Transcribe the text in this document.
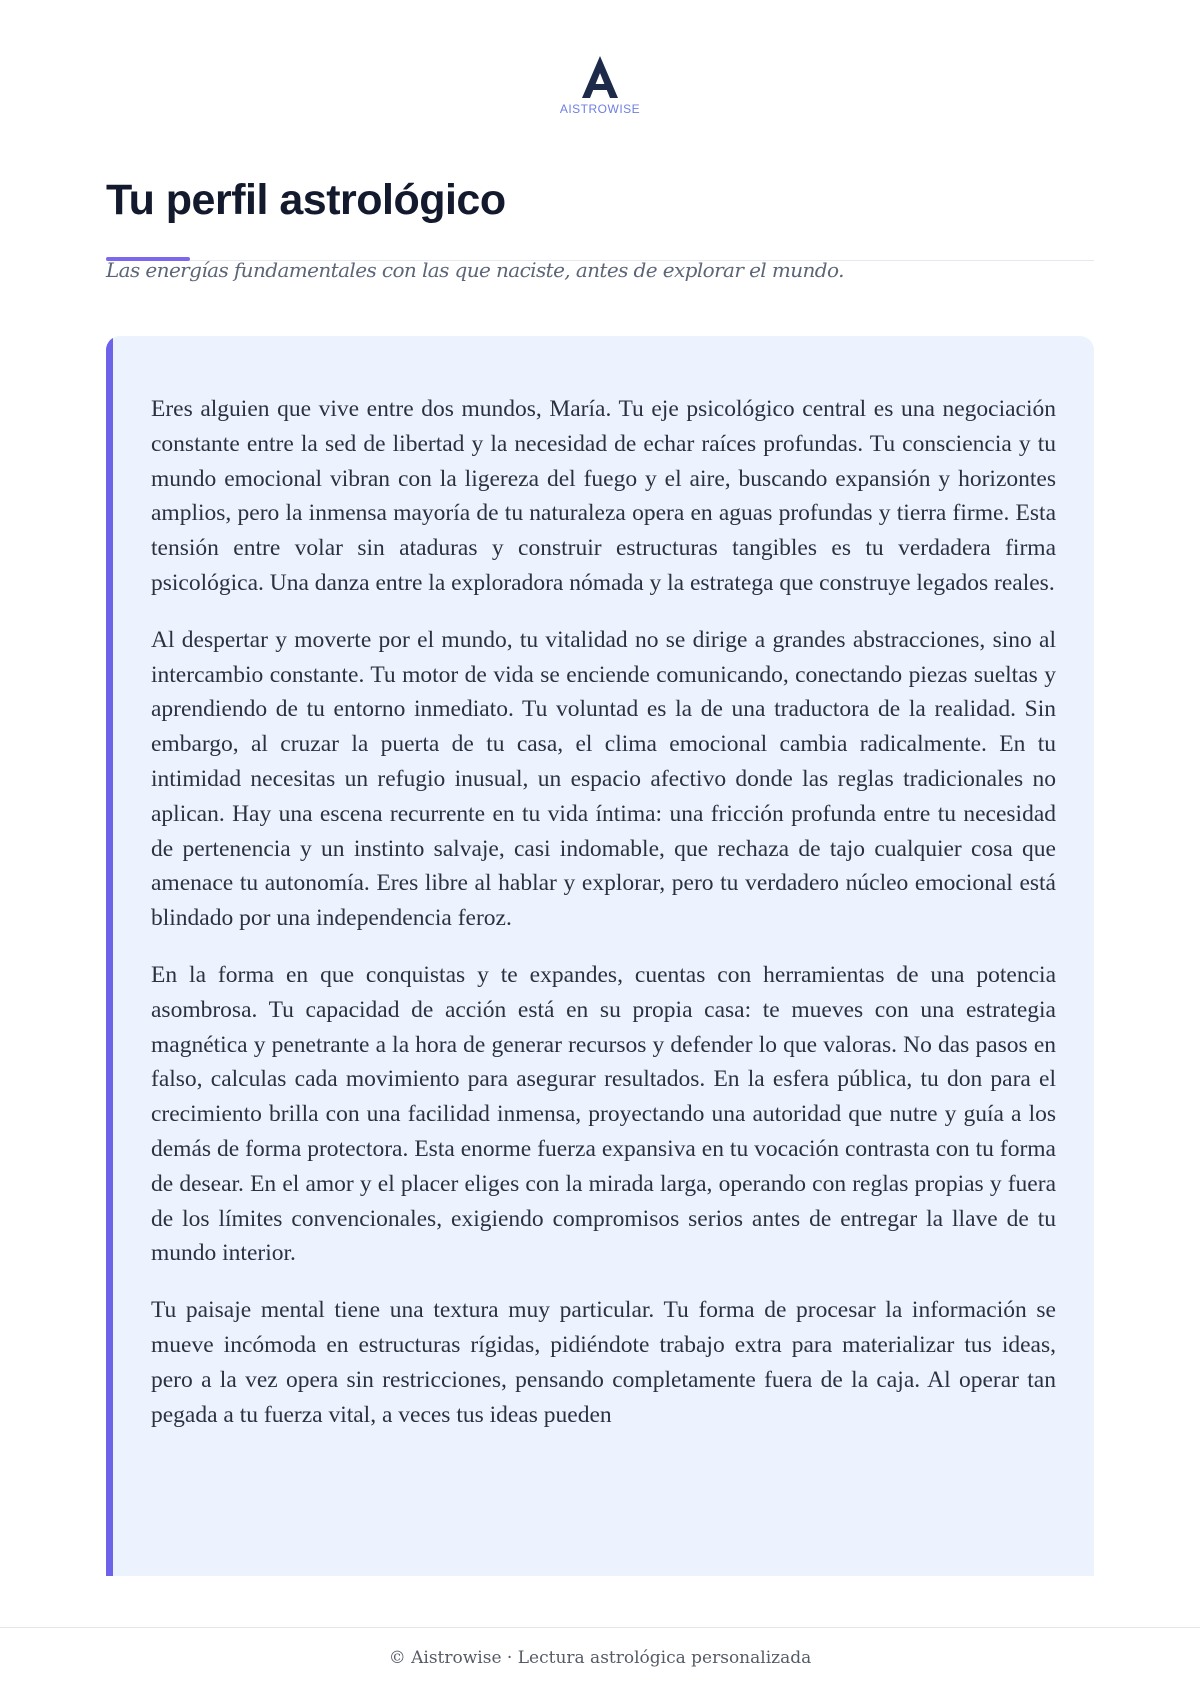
AISTROWISE
Tu perfil astrológico
Las energías fundamentales con las que naciste, antes de explorar el mundo.

Eres alguien que vive entre dos mundos, María. Tu eje psicológico central es una negociación constante entre la sed de libertad y la necesidad de echar raíces profundas. Tu consciencia y tu mundo emocional vibran con la ligereza del fuego y el aire, buscando expansión y horizontes amplios, pero la inmensa mayoría de tu naturaleza opera en aguas profundas y tierra firme. Esta tensión entre volar sin ataduras y construir estructuras tangibles es tu verdadera firma psicológica. Una danza entre la exploradora nómada y la estratega que construye legados reales.

Al despertar y moverte por el mundo, tu vitalidad no se dirige a grandes abstracciones, sino al intercambio constante. Tu motor de vida se enciende comunicando, conectando piezas sueltas y aprendiendo de tu entorno inmediato. Tu voluntad es la de una traductora de la realidad. Sin embargo, al cruzar la puerta de tu casa, el clima emocional cambia radicalmente. En tu intimidad necesitas un refugio inusual, un espacio afectivo donde las reglas tradicionales no aplican. Hay una escena recurrente en tu vida íntima: una fricción profunda entre tu necesidad de pertenencia y un instinto salvaje, casi indomable, que rechaza de tajo cualquier cosa que amenace tu autonomía. Eres libre al hablar y explorar, pero tu verdadero núcleo emocional está blindado por una independencia feroz.

En la forma en que conquistas y te expandes, cuentas con herramientas de una potencia asombrosa. Tu capacidad de acción está en su propia casa: te mueves con una estrategia magnética y penetrante a la hora de generar recursos y defender lo que valoras. No das pasos en falso, calculas cada movimiento para asegurar resultados. En la esfera pública, tu don para el crecimiento brilla con una facilidad inmensa, proyectando una autoridad que nutre y guía a los demás de forma protectora. Esta enorme fuerza expansiva en tu vocación contrasta con tu forma de desear. En el amor y el placer eliges con la mirada larga, operando con reglas propias y fuera de los límites convencionales, exigiendo compromisos serios antes de entregar la llave de tu mundo interior.

Tu paisaje mental tiene una textura muy particular. Tu forma de procesar la información se mueve incómoda en estructuras rígidas, pidiéndote trabajo extra para materializar tus ideas, pero a la vez opera sin restricciones, pensando completamente fuera de la caja. Al operar tan pegada a tu fuerza vital, a veces tus ideas pueden

© Aistrowise · Lectura astrológica personalizada
